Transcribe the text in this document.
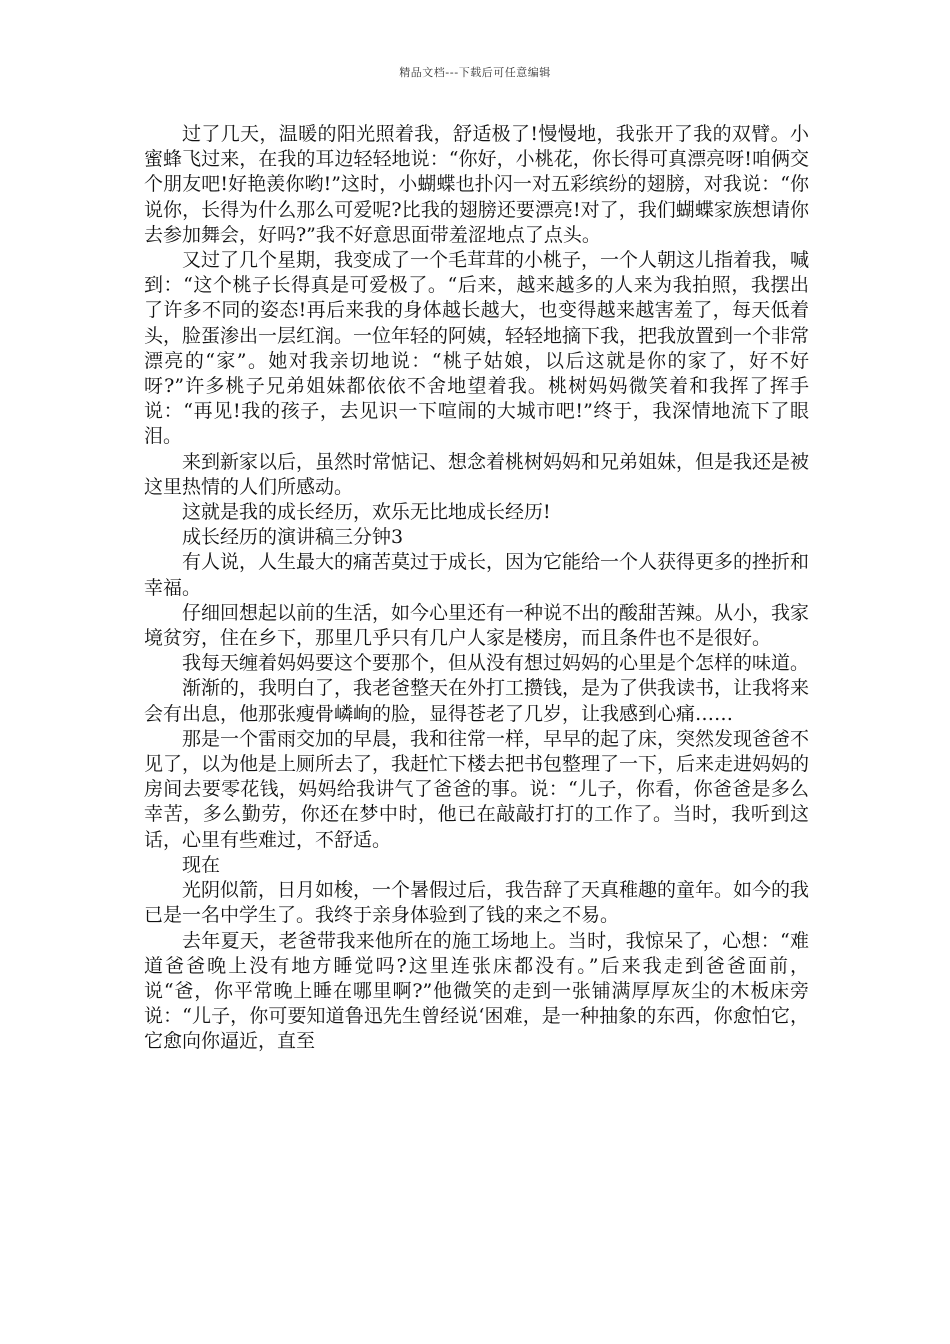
精品文档---下载后可任意编辑

过了几天，温暖的阳光照着我，舒适极了!慢慢地，我张开了我的双臂。小蜜蜂飞过来，在我的耳边轻轻地说：“你好，小桃花，你长得可真漂亮呀!咱俩交个朋友吧!好艳羡你哟!”这时，小蝴蝶也扑闪一对五彩缤纷的翅膀，对我说：“你说你，长得为什么那么可爱呢?比我的翅膀还要漂亮!对了，我们蝴蝶家族想请你去参加舞会，好吗?”我不好意思面带羞涩地点了点头。

又过了几个星期，我变成了一个毛茸茸的小桃子，一个人朝这儿指着我，喊到：“这个桃子长得真是可爱极了。“后来，越来越多的人来为我拍照，我摆出了许多不同的姿态!再后来我的身体越长越大，也变得越来越害羞了，每天低着头，脸蛋渗出一层红润。一位年轻的阿姨，轻轻地摘下我，把我放置到一个非常漂亮的“家”。她对我亲切地说：“桃子姑娘，以后这就是你的家了，好不好呀?”许多桃子兄弟姐妹都依依不舍地望着我。桃树妈妈微笑着和我挥了挥手说：“再见!我的孩子，去见识一下喧闹的大城市吧!”终于，我深情地流下了眼泪。

来到新家以后，虽然时常惦记、想念着桃树妈妈和兄弟姐妹，但是我还是被这里热情的人们所感动。

这就是我的成长经历，欢乐无比地成长经历!

成长经历的演讲稿三分钟3

有人说，人生最大的痛苦莫过于成长，因为它能给一个人获得更多的挫折和幸福。

仔细回想起以前的生活，如今心里还有一种说不出的酸甜苦辣。从小，我家境贫穷，住在乡下，那里几乎只有几户人家是楼房，而且条件也不是很好。

我每天缠着妈妈要这个要那个，但从没有想过妈妈的心里是个怎样的味道。

渐渐的，我明白了，我老爸整天在外打工攒钱，是为了供我读书，让我将来会有出息，他那张瘦骨嶙峋的脸，显得苍老了几岁，让我感到心痛……

那是一个雷雨交加的早晨，我和往常一样，早早的起了床，突然发现爸爸不见了，以为他是上厕所去了，我赶忙下楼去把书包整理了一下，后来走进妈妈的房间去要零花钱，妈妈给我讲气了爸爸的事。说：“儿子，你看，你爸爸是多么幸苦，多么勤劳，你还在梦中时，他已在敲敲打打的工作了。当时，我听到这话，心里有些难过，不舒适。

现在

光阴似箭，日月如梭，一个暑假过后，我告辞了天真稚趣的童年。如今的我已是一名中学生了。我终于亲身体验到了钱的来之不易。

去年夏天，老爸带我来他所在的施工场地上。当时，我惊呆了，心想：“难道爸爸晚上没有地方睡觉吗?这里连张床都没有。”后来我走到爸爸面前，说“爸，你平常晚上睡在哪里啊?”他微笑的走到一张铺满厚厚灰尘的木板床旁说：“儿子，你可要知道鲁迅先生曾经说‘困难，是一种抽象的东西，你愈怕它，它愈向你逼近，直至
